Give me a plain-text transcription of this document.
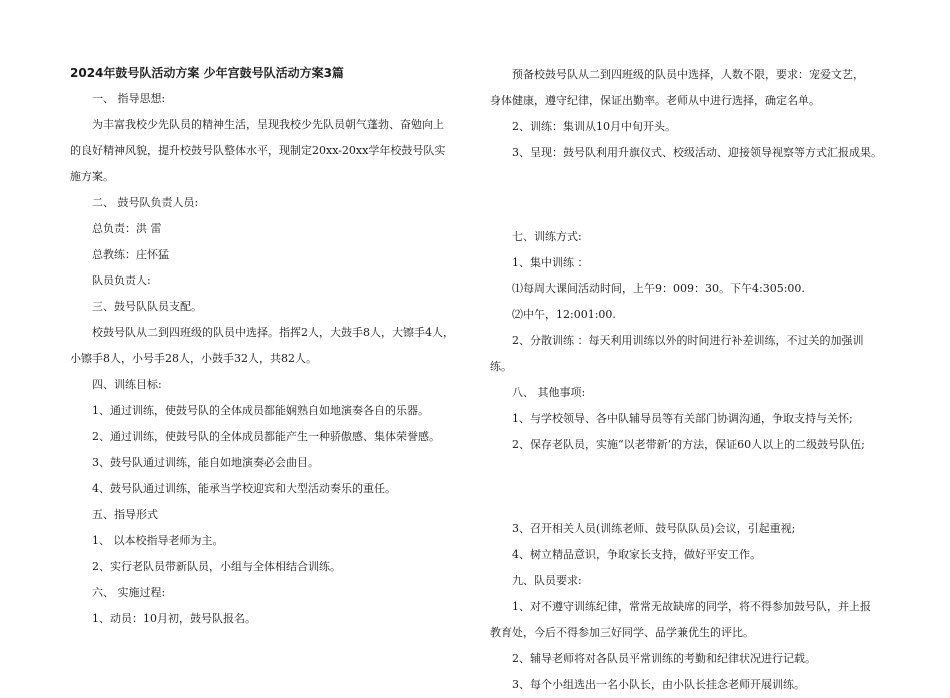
2024年鼓号队活动方案 少年宫鼓号队活动方案3篇

一、 指导思想:

为丰富我校少先队员的精神生活，呈现我校少先队员朝气蓬勃、奋勉向上

的良好精神风貌，提升校鼓号队整体水平，现制定20xx-20xx学年校鼓号队实

施方案。

二、 鼓号队负责人员:

总负责：洪 雷

总教练：庄怀猛

队员负责人:

三、鼓号队队员支配。

校鼓号队从二到四班级的队员中选择。指挥2人，大鼓手8人，大镲手4人，

小镲手8人，小号手28人，小鼓手32人，共82人。

四、训练目标:

1、通过训练，使鼓号队的全体成员都能娴熟自如地演奏各自的乐器。

2、通过训练，使鼓号队的全体成员都能产生一种骄傲感、集体荣誉感。

3、鼓号队通过训练，能自如地演奏必会曲目。

4、鼓号队通过训练，能承当学校迎宾和大型活动奏乐的重任。

五、指导形式

1、 以本校指导老师为主。

2、实行老队员带新队员，小组与全体相结合训练。

六、 实施过程:

1、动员：10月初，鼓号队报名。

预备校鼓号队从二到四班级的队员中选择，人数不限，要求：宠爱文艺，

身体健康，遵守纪律，保证出勤率。老师从中进行选择，确定名单。

2、训练：集训从10月中旬开头。

3、呈现：鼓号队利用升旗仪式、校级活动、迎接领导视察等方式汇报成果。

七、训练方式:

1、集中训练 ：

⑴每周大课间活动时间，上午9：009：30。下午4:305:00.

⑵中午，12:001:00.

2、分散训练 ：每天利用训练以外的时间进行补差训练，不过关的加强训

练。

八、 其他事项:

1、与学校领导、各中队辅导员等有关部门协调沟通，争取支持与关怀;

2、保存老队员，实施“以老带新’的方法，保证60人以上的二级鼓号队伍;

3、召开相关人员(训练老师、鼓号队队员)会议，引起重视;

4、树立精品意识，争取家长支持，做好平安工作。

九、队员要求:

1、对不遵守训练纪律，常常无故缺席的同学，将不得参加鼓号队，并上报

教育处，今后不得参加三好同学、品学兼优生的评比。

2、辅导老师将对各队员平常训练的考勤和纪律状况进行记载。

3、每个小组选出一名小队长，由小队长挂念老师开展训练。
